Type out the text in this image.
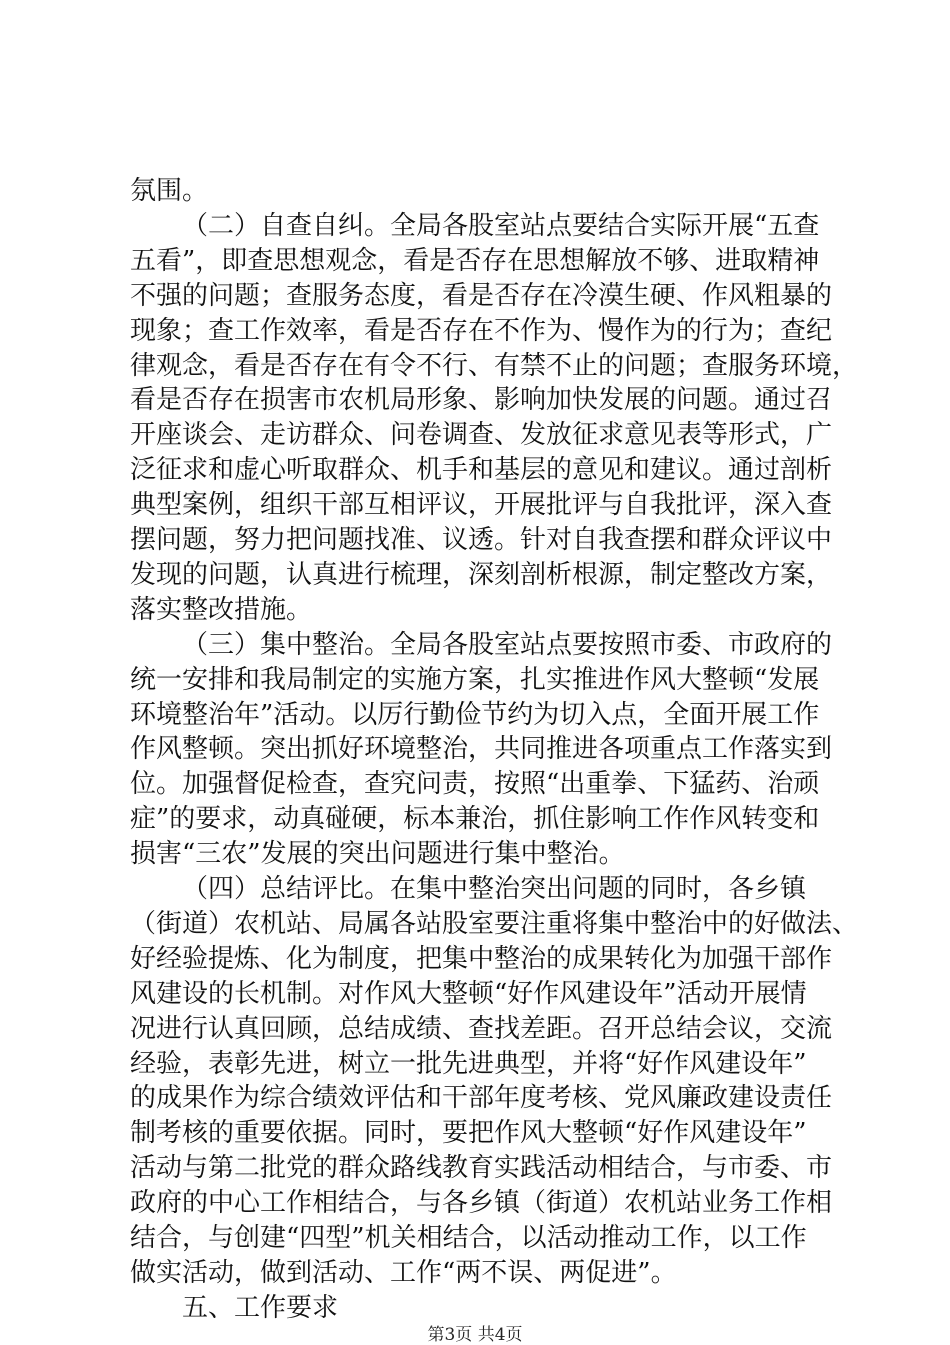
氛围。
（二）自查自纠。全局各股室站点要结合实际开展“五查
五看”，即查思想观念，看是否存在思想解放不够、进取精神
不强的问题；查服务态度，看是否存在冷漠生硬、作风粗暴的
现象；查工作效率，看是否存在不作为、慢作为的行为；查纪
律观念，看是否存在有令不行、有禁不止的问题；查服务环境，
看是否存在损害市农机局形象、影响加快发展的问题。通过召
开座谈会、走访群众、问卷调查、发放征求意见表等形式，广
泛征求和虚心听取群众、机手和基层的意见和建议。通过剖析
典型案例，组织干部互相评议，开展批评与自我批评，深入查
摆问题，努力把问题找准、议透。针对自我查摆和群众评议中
发现的问题，认真进行梳理，深刻剖析根源，制定整改方案，
落实整改措施。
（三）集中整治。全局各股室站点要按照市委、市政府的
统一安排和我局制定的实施方案，扎实推进作风大整顿“发展
环境整治年”活动。以厉行勤俭节约为切入点，全面开展工作
作风整顿。突出抓好环境整治，共同推进各项重点工作落实到
位。加强督促检查，查究问责，按照“出重拳、下猛药、治顽
症”的要求，动真碰硬，标本兼治，抓住影响工作作风转变和
损害“三农”发展的突出问题进行集中整治。
（四）总结评比。在集中整治突出问题的同时，各乡镇
（街道）农机站、局属各站股室要注重将集中整治中的好做法、
好经验提炼、化为制度，把集中整治的成果转化为加强干部作
风建设的长机制。对作风大整顿“好作风建设年”活动开展情
况进行认真回顾，总结成绩、查找差距。召开总结会议，交流
经验，表彰先进，树立一批先进典型，并将“好作风建设年”
的成果作为综合绩效评估和干部年度考核、党风廉政建设责任
制考核的重要依据。同时，要把作风大整顿“好作风建设年”
活动与第二批党的群众路线教育实践活动相结合，与市委、市
政府的中心工作相结合，与各乡镇（街道）农机站业务工作相
结合，与创建“四型”机关相结合，以活动推动工作，以工作
做实活动，做到活动、工作“两不误、两促进”。
五、工作要求
第3页 共4页
